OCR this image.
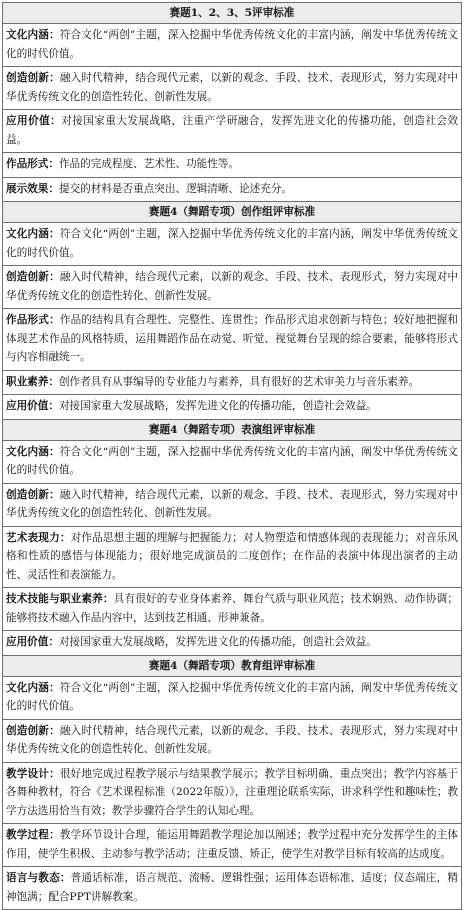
赛题1、2、3、5评审标准
文化内涵：符合文化“两创”主题，深入挖掘中华优秀传统文化的丰富内涵，阐发中华优秀传统文化的时代价值。
创造创新：融入时代精神，结合现代元素，以新的观念、手段、技术、表现形式，努力实现对中华优秀传统文化的创造性转化、创新性发展。
应用价值：对接国家重大发展战略，注重产学研融合，发挥先进文化的传播功能，创造社会效益。
作品形式：作品的完成程度、艺术性、功能性等。
展示效果：提交的材料是否重点突出、逻辑清晰、论述充分。
赛题4（舞蹈专项）创作组评审标准
文化内涵：符合文化“两创”主题，深入挖掘中华优秀传统文化的丰富内涵，阐发中华优秀传统文化的时代价值。
创造创新：融入时代精神，结合现代元素，以新的观念、手段、技术、表现形式，努力实现对中华优秀传统文化的创造性转化、创新性发展。
作品形式：作品的结构具有合理性、完整性、连贯性；作品形式追求创新与特色；较好地把握和体现艺术作品的风格特质，运用舞蹈作品在动觉、听觉、视觉舞台呈现的综合要素，能够将形式与内容相融统一。
职业素养：创作者具有从事编导的专业能力与素养，具有很好的艺术审美力与音乐素养。
应用价值：对接国家重大发展战略，发挥先进文化的传播功能，创造社会效益。
赛题4（舞蹈专项）表演组评审标准
文化内涵：符合文化“两创”主题，深入挖掘中华优秀传统文化的丰富内涵，阐发中华优秀传统文化的时代价值。
创造创新：融入时代精神，结合现代元素，以新的观念、手段、技术、表现形式，努力实现对中华优秀传统文化的创造性转化、创新性发展。
艺术表现力：对作品思想主题的理解与把握能力；对人物塑造和情感体现的表现能力；对音乐风格和性质的感悟与体现能力；很好地完成演员的二度创作；在作品的表演中体现出演者的主动性、灵活性和表演能力。
技术技能与职业素养：具有很好的专业身体素养、舞台气质与职业风范；技术娴熟、动作协调；能够将技术融入作品内容中，达到技艺相通、形神兼备。
应用价值：对接国家重大发展战略，发挥先进文化的传播功能，创造社会效益。
赛题4（舞蹈专项）教育组评审标准
文化内涵：符合文化“两创”主题，深入挖掘中华优秀传统文化的丰富内涵，阐发中华优秀传统文化的时代价值。
创造创新：融入时代精神，结合现代元素，以新的观念、手段、技术、表现形式，努力实现对中华优秀传统文化的创造性转化、创新性发展。
教学设计：很好地完成过程教学展示与结果教学展示；教学目标明确、重点突出；教学内容基于各舞种教材，符合《艺术课程标准（2022年版）》，注重理论联系实际，讲求科学性和趣味性；教学方法选用恰当有效；教学步骤符合学生的认知心理。
教学过程：教学环节设计合理，能运用舞蹈教学理论加以阐述；教学过程中充分发挥学生的主体作用，使学生积极、主动参与教学活动；注重反馈、矫正，使学生对教学目标有较高的达成度。
语言与教态：普通话标准，语言规范、流畅、逻辑性强；运用体态语标准、适度；仪态端庄，精神饱满；配合PPT讲解教案。
